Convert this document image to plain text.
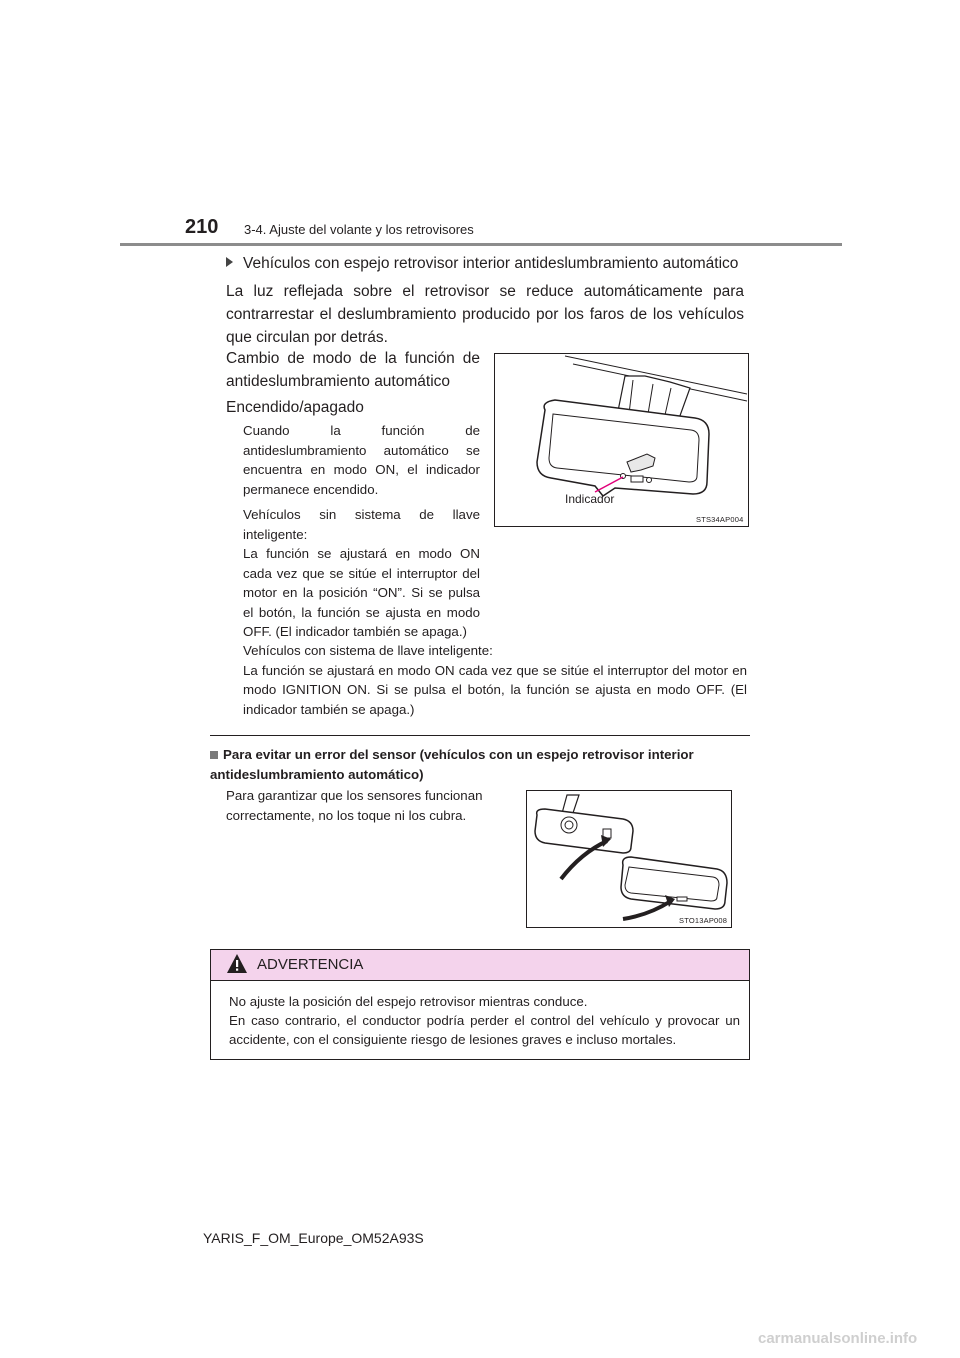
210 3-4. Ajuste del volante y los retrovisores
Vehículos con espejo retrovisor interior antideslumbramiento automático
La luz reflejada sobre el retrovisor se reduce automáticamente para contrarrestar el deslumbramiento producido por los faros de los vehículos que circulan por detrás.
Cambio de modo de la función de antideslumbramiento automático
Encendido/apagado
Cuando la función de antideslumbramiento automático se encuentra en modo ON, el indicador permanece encendido.
Vehículos sin sistema de llave inteligente:
La función se ajustará en modo ON cada vez que se sitúe el interruptor del motor en la posición “ON”. Si se pulsa el botón, la función se ajusta en modo OFF. (El indicador también se apaga.)
Vehículos con sistema de llave inteligente:
La función se ajustará en modo ON cada vez que se sitúe el interruptor del motor en modo IGNITION ON. Si se pulsa el botón, la función se ajusta en modo OFF. (El indicador también se apaga.)
Indicador
STS34AP004
Para evitar un error del sensor (vehículos con un espejo retrovisor interior antideslumbramiento automático)
Para garantizar que los sensores funcionan correctamente, no los toque ni los cubra.
STO13AP008
ADVERTENCIA
No ajuste la posición del espejo retrovisor mientras conduce.
En caso contrario, el conductor podría perder el control del vehículo y provocar un accidente, con el consiguiente riesgo de lesiones graves e incluso mortales.
YARIS_F_OM_Europe_OM52A93S
carmanualsonline.info
